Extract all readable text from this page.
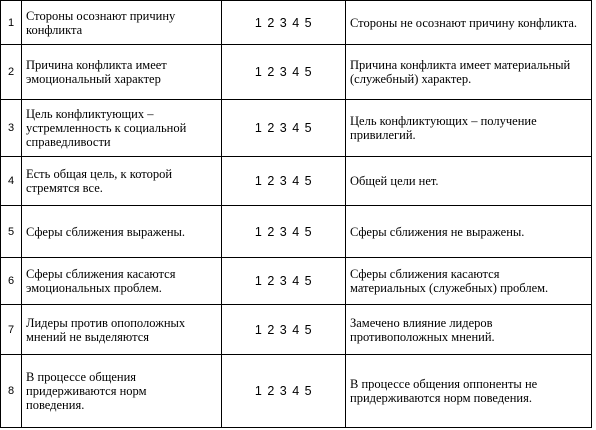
1	Стороны осознают причину
конфликта	1 2 3 4 5	Стороны не осознают причину конфликта.

2	Причина конфликта имеет
эмоциональный характер	1 2 3 4 5	Причина конфликта имеет материальный
(служебный) характер.

3	Цель конфликтующих –
устремленность к социальной
справедливости	1 2 3 4 5	Цель конфликтующих – получение
привилегий.

4	Есть общая цель, к которой
стремятся все.	1 2 3 4 5	Общей цели нет.

5	Сферы сближения выражены.	1 2 3 4 5	Сферы сближения не выражены.

6	Сферы сближения касаются
эмоциональных проблем.	1 2 3 4 5	Сферы сближения касаются
материальных (служебных) проблем.

7	Лидеры против опоположных
мнений не выделяются	1 2 3 4 5	Замечено влияние лидеров
противоположных мнений.

8	В процессе общения
придерживаются норм
поведения.	1 2 3 4 5	В процессе общения оппоненты не
придерживаются норм поведения.
